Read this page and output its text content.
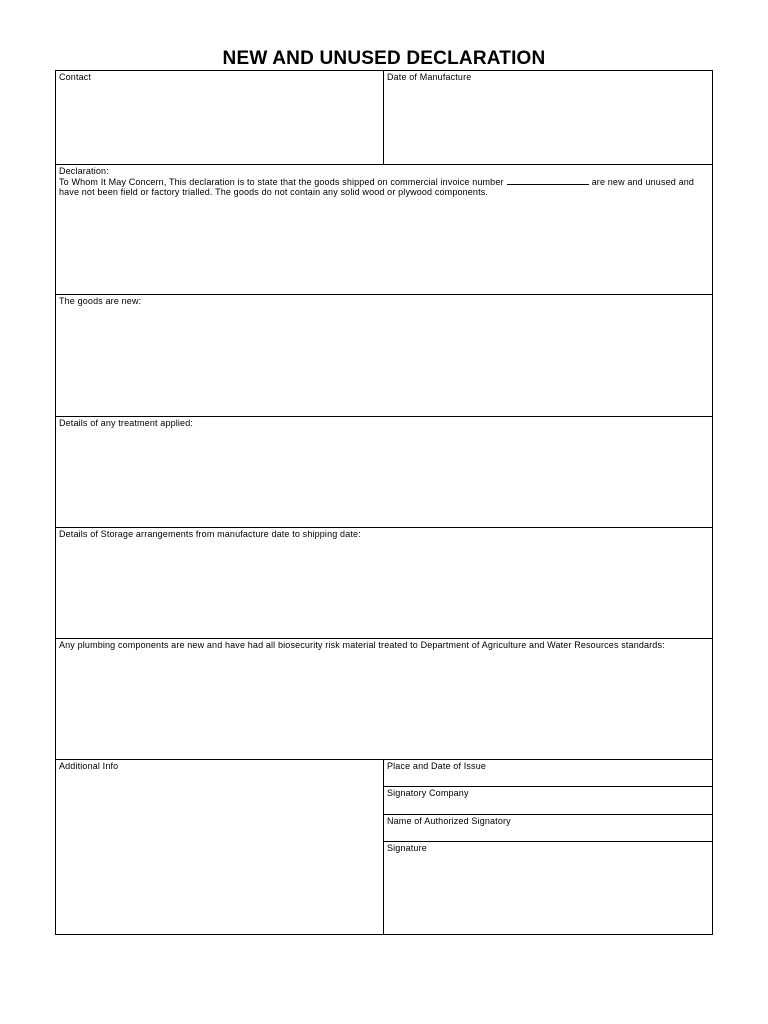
NEW AND UNUSED DECLARATION
Contact	Date of Manufacture
Declaration:
To Whom It May Concern, This declaration is to state that the goods shipped on commercial invoice number	are new and unused and have not been field or factory trialled. The goods do not contain any solid wood or plywood components.
The goods are new:
Details of any treatment applied:
Details of Storage arrangements from manufacture date to shipping date:
Any plumbing components are new and have had all biosecurity risk material treated to Department of Agriculture and Water Resources standards:
Additional Info	Place and Date of Issue
Signatory Company
Name of Authorized Signatory
Signature
